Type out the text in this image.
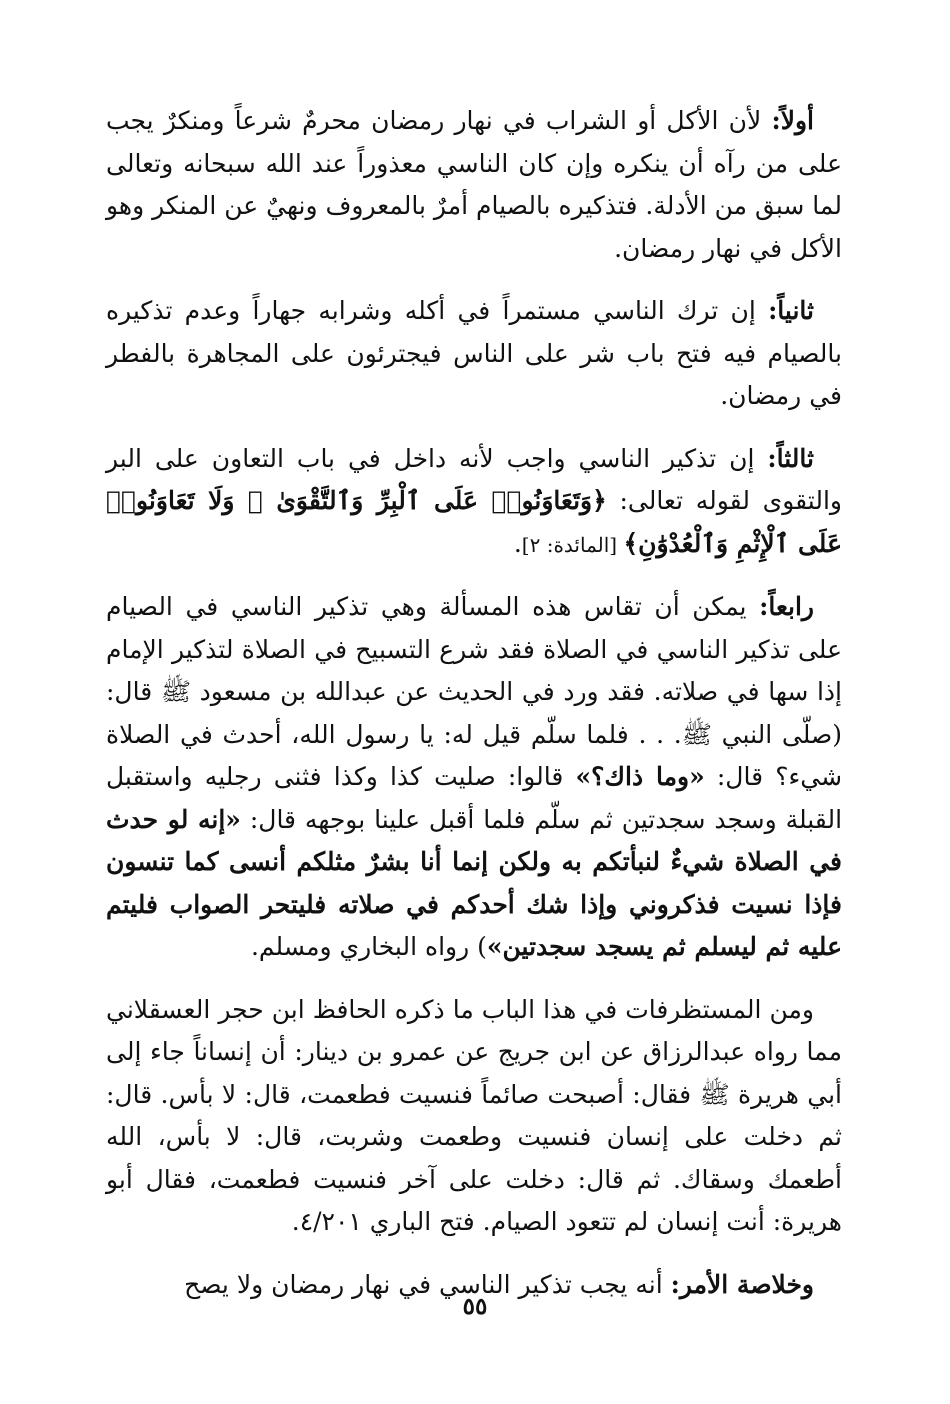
أولاً: لأن الأكل أو الشراب في نهار رمضان محرمٌ شرعاً ومنكرٌ يجب على من رآه أن ينكره وإن كان الناسي معذوراً عند الله سبحانه وتعالى لما سبق من الأدلة. فتذكيره بالصيام أمرٌ بالمعروف ونهيٌ عن المنكر وهو الأكل في نهار رمضان.

ثانياً: إن ترك الناسي مستمراً في أكله وشرابه جهاراً وعدم تذكيره بالصيام فيه فتح باب شر على الناس فيجترئون على المجاهرة بالفطر في رمضان.

ثالثاً: إن تذكير الناسي واجب لأنه داخل في باب التعاون على البر والتقوى لقوله تعالى: ﴿وَتَعَاوَنُوا۟ عَلَى ٱلْبِرِّ وَٱلتَّقْوَىٰ ۖ وَلَا تَعَاوَنُوا۟ عَلَى ٱلْإِثْمِ وَٱلْعُدْوَٰنِ﴾ [المائدة: ٢].

رابعاً: يمكن أن تقاس هذه المسألة وهي تذكير الناسي في الصيام على تذكير الناسي في الصلاة فقد شرع التسبيح في الصلاة لتذكير الإمام إذا سها في صلاته. فقد ورد في الحديث عن عبدالله بن مسعود ﷺ قال: (صلّى النبي ﷺ. . . فلما سلّم قيل له: يا رسول الله، أحدث في الصلاة شيء؟ قال: «وما ذاك؟» قالوا: صليت كذا وكذا فثنى رجليه واستقبل القبلة وسجد سجدتين ثم سلّم فلما أقبل علينا بوجهه قال: «إنه لو حدث في الصلاة شيءٌ لنبأتكم به ولكن إنما أنا بشرٌ مثلكم أنسى كما تنسون فإذا نسيت فذكروني وإذا شك أحدكم في صلاته فليتحر الصواب فليتم عليه ثم ليسلم ثم يسجد سجدتين») رواه البخاري ومسلم.

ومن المستظرفات في هذا الباب ما ذكره الحافظ ابن حجر العسقلاني مما رواه عبدالرزاق عن ابن جريج عن عمرو بن دينار: أن إنساناً جاء إلى أبي هريرة ﷺ فقال: أصبحت صائماً فنسيت فطعمت، قال: لا بأس. قال: ثم دخلت على إنسان فنسيت وطعمت وشربت، قال: لا بأس، الله أطعمك وسقاك. ثم قال: دخلت على آخر فنسيت فطعمت، فقال أبو هريرة: أنت إنسان لم تتعود الصيام. فتح الباري ٤/٢٠١.

وخلاصة الأمر: أنه يجب تذكير الناسي في نهار رمضان ولا يصح

٥٥
